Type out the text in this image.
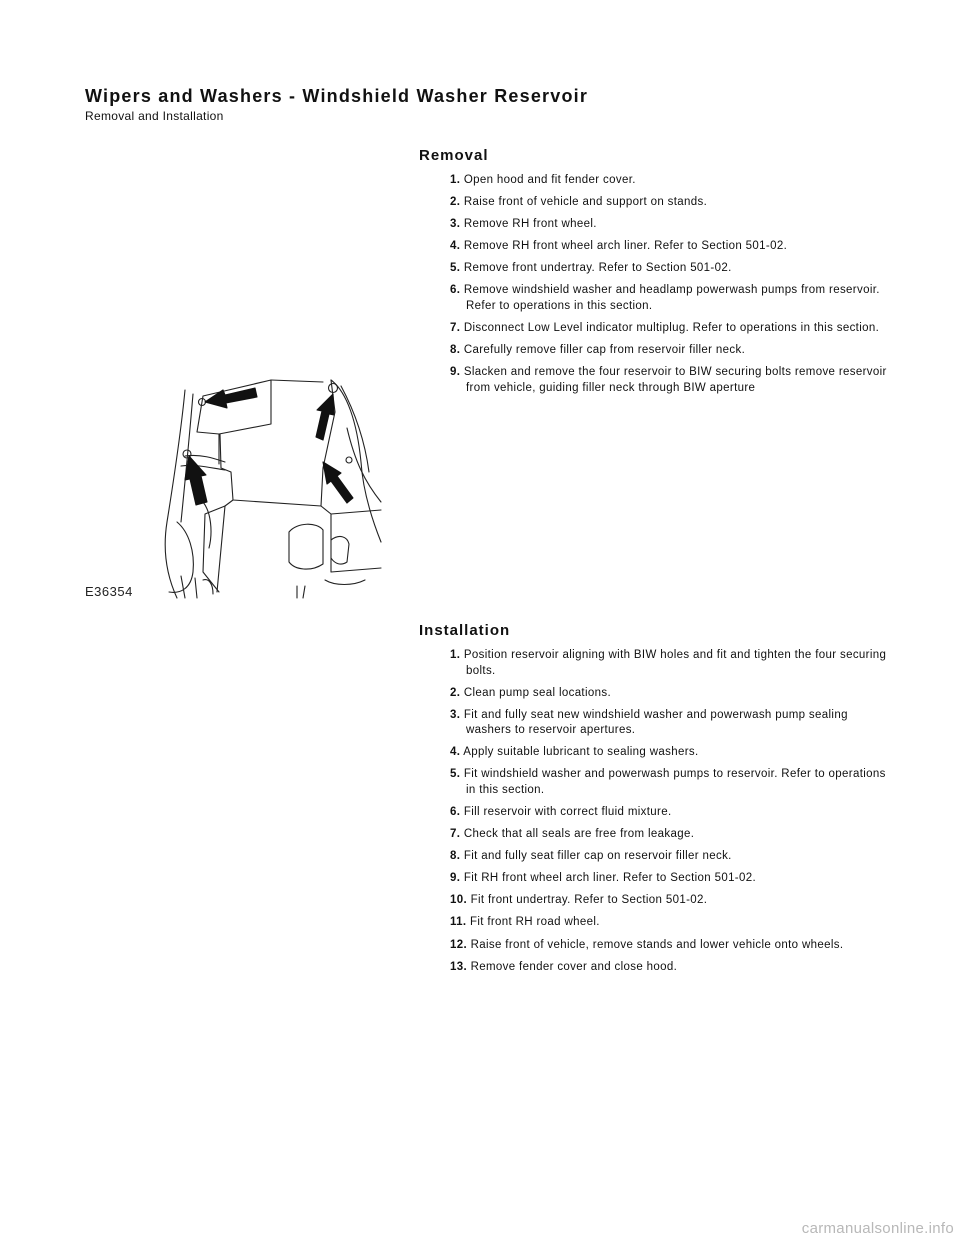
Wipers and Washers - Windshield Washer Reservoir
Removal and Installation
Removal
1. Open hood and fit fender cover.
2. Raise front of vehicle and support on stands.
3. Remove RH front wheel.
4. Remove RH front wheel arch liner. Refer to Section 501-02.
5. Remove front undertray. Refer to Section 501-02.
6. Remove windshield washer and headlamp powerwash pumps from reservoir. Refer to operations in this section.
7. Disconnect Low Level indicator multiplug. Refer to operations in this section.
8. Carefully remove filler cap from reservoir filler neck.
9. Slacken and remove the four reservoir to BIW securing bolts remove reservoir from vehicle, guiding filler neck through BIW aperture
E36354
Installation
1. Position reservoir aligning with BIW holes and fit and tighten the four securing bolts.
2. Clean pump seal locations.
3. Fit and fully seat new windshield washer and powerwash pump sealing washers to reservoir apertures.
4. Apply suitable lubricant to sealing washers.
5. Fit windshield washer and powerwash pumps to reservoir. Refer to operations in this section.
6. Fill reservoir with correct fluid mixture.
7. Check that all seals are free from leakage.
8. Fit and fully seat filler cap on reservoir filler neck.
9. Fit RH front wheel arch liner. Refer to Section 501-02.
10. Fit front undertray. Refer to Section 501-02.
11. Fit front RH road wheel.
12. Raise front of vehicle, remove stands and lower vehicle onto wheels.
13. Remove fender cover and close hood.
carmanualsonline.info
